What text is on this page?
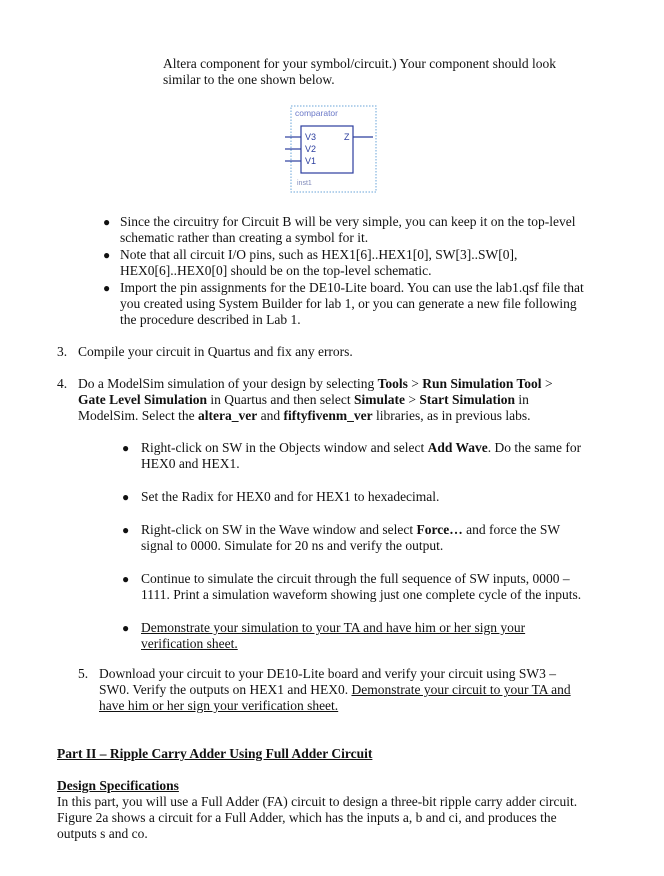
Altera component for your symbol/circuit.) Your component should look
similar to the one shown below.
comparator
V3
V2
V1
Z
inst1
● Since the circuitry for Circuit B will be very simple, you can keep it on the top-level
schematic rather than creating a symbol for it.
● Note that all circuit I/O pins, such as HEX1[6]..HEX1[0], SW[3]..SW[0],
HEX0[6]..HEX0[0] should be on the top-level schematic.
● Import the pin assignments for the DE10-Lite board. You can use the lab1.qsf file that
you created using System Builder for lab 1, or you can generate a new file following
the procedure described in Lab 1.
3. Compile your circuit in Quartus and fix any errors.
4. Do a ModelSim simulation of your design by selecting Tools > Run Simulation Tool >
Gate Level Simulation in Quartus and then select Simulate > Start Simulation in
ModelSim. Select the altera_ver and fiftyfivenm_ver libraries, as in previous labs.
● Right-click on SW in the Objects window and select Add Wave. Do the same for
HEX0 and HEX1.
● Set the Radix for HEX0 and for HEX1 to hexadecimal.
● Right-click on SW in the Wave window and select Force… and force the SW
signal to 0000. Simulate for 20 ns and verify the output.
● Continue to simulate the circuit through the full sequence of SW inputs, 0000 –
1111. Print a simulation waveform showing just one complete cycle of the inputs.
● Demonstrate your simulation to your TA and have him or her sign your
verification sheet.
5. Download your circuit to your DE10-Lite board and verify your circuit using SW3 –
SW0. Verify the outputs on HEX1 and HEX0. Demonstrate your circuit to your TA and
have him or her sign your verification sheet.
Part II – Ripple Carry Adder Using Full Adder Circuit
Design Specifications
In this part, you will use a Full Adder (FA) circuit to design a three-bit ripple carry adder circuit.
Figure 2a shows a circuit for a Full Adder, which has the inputs a, b and ci, and produces the
outputs s and co.
